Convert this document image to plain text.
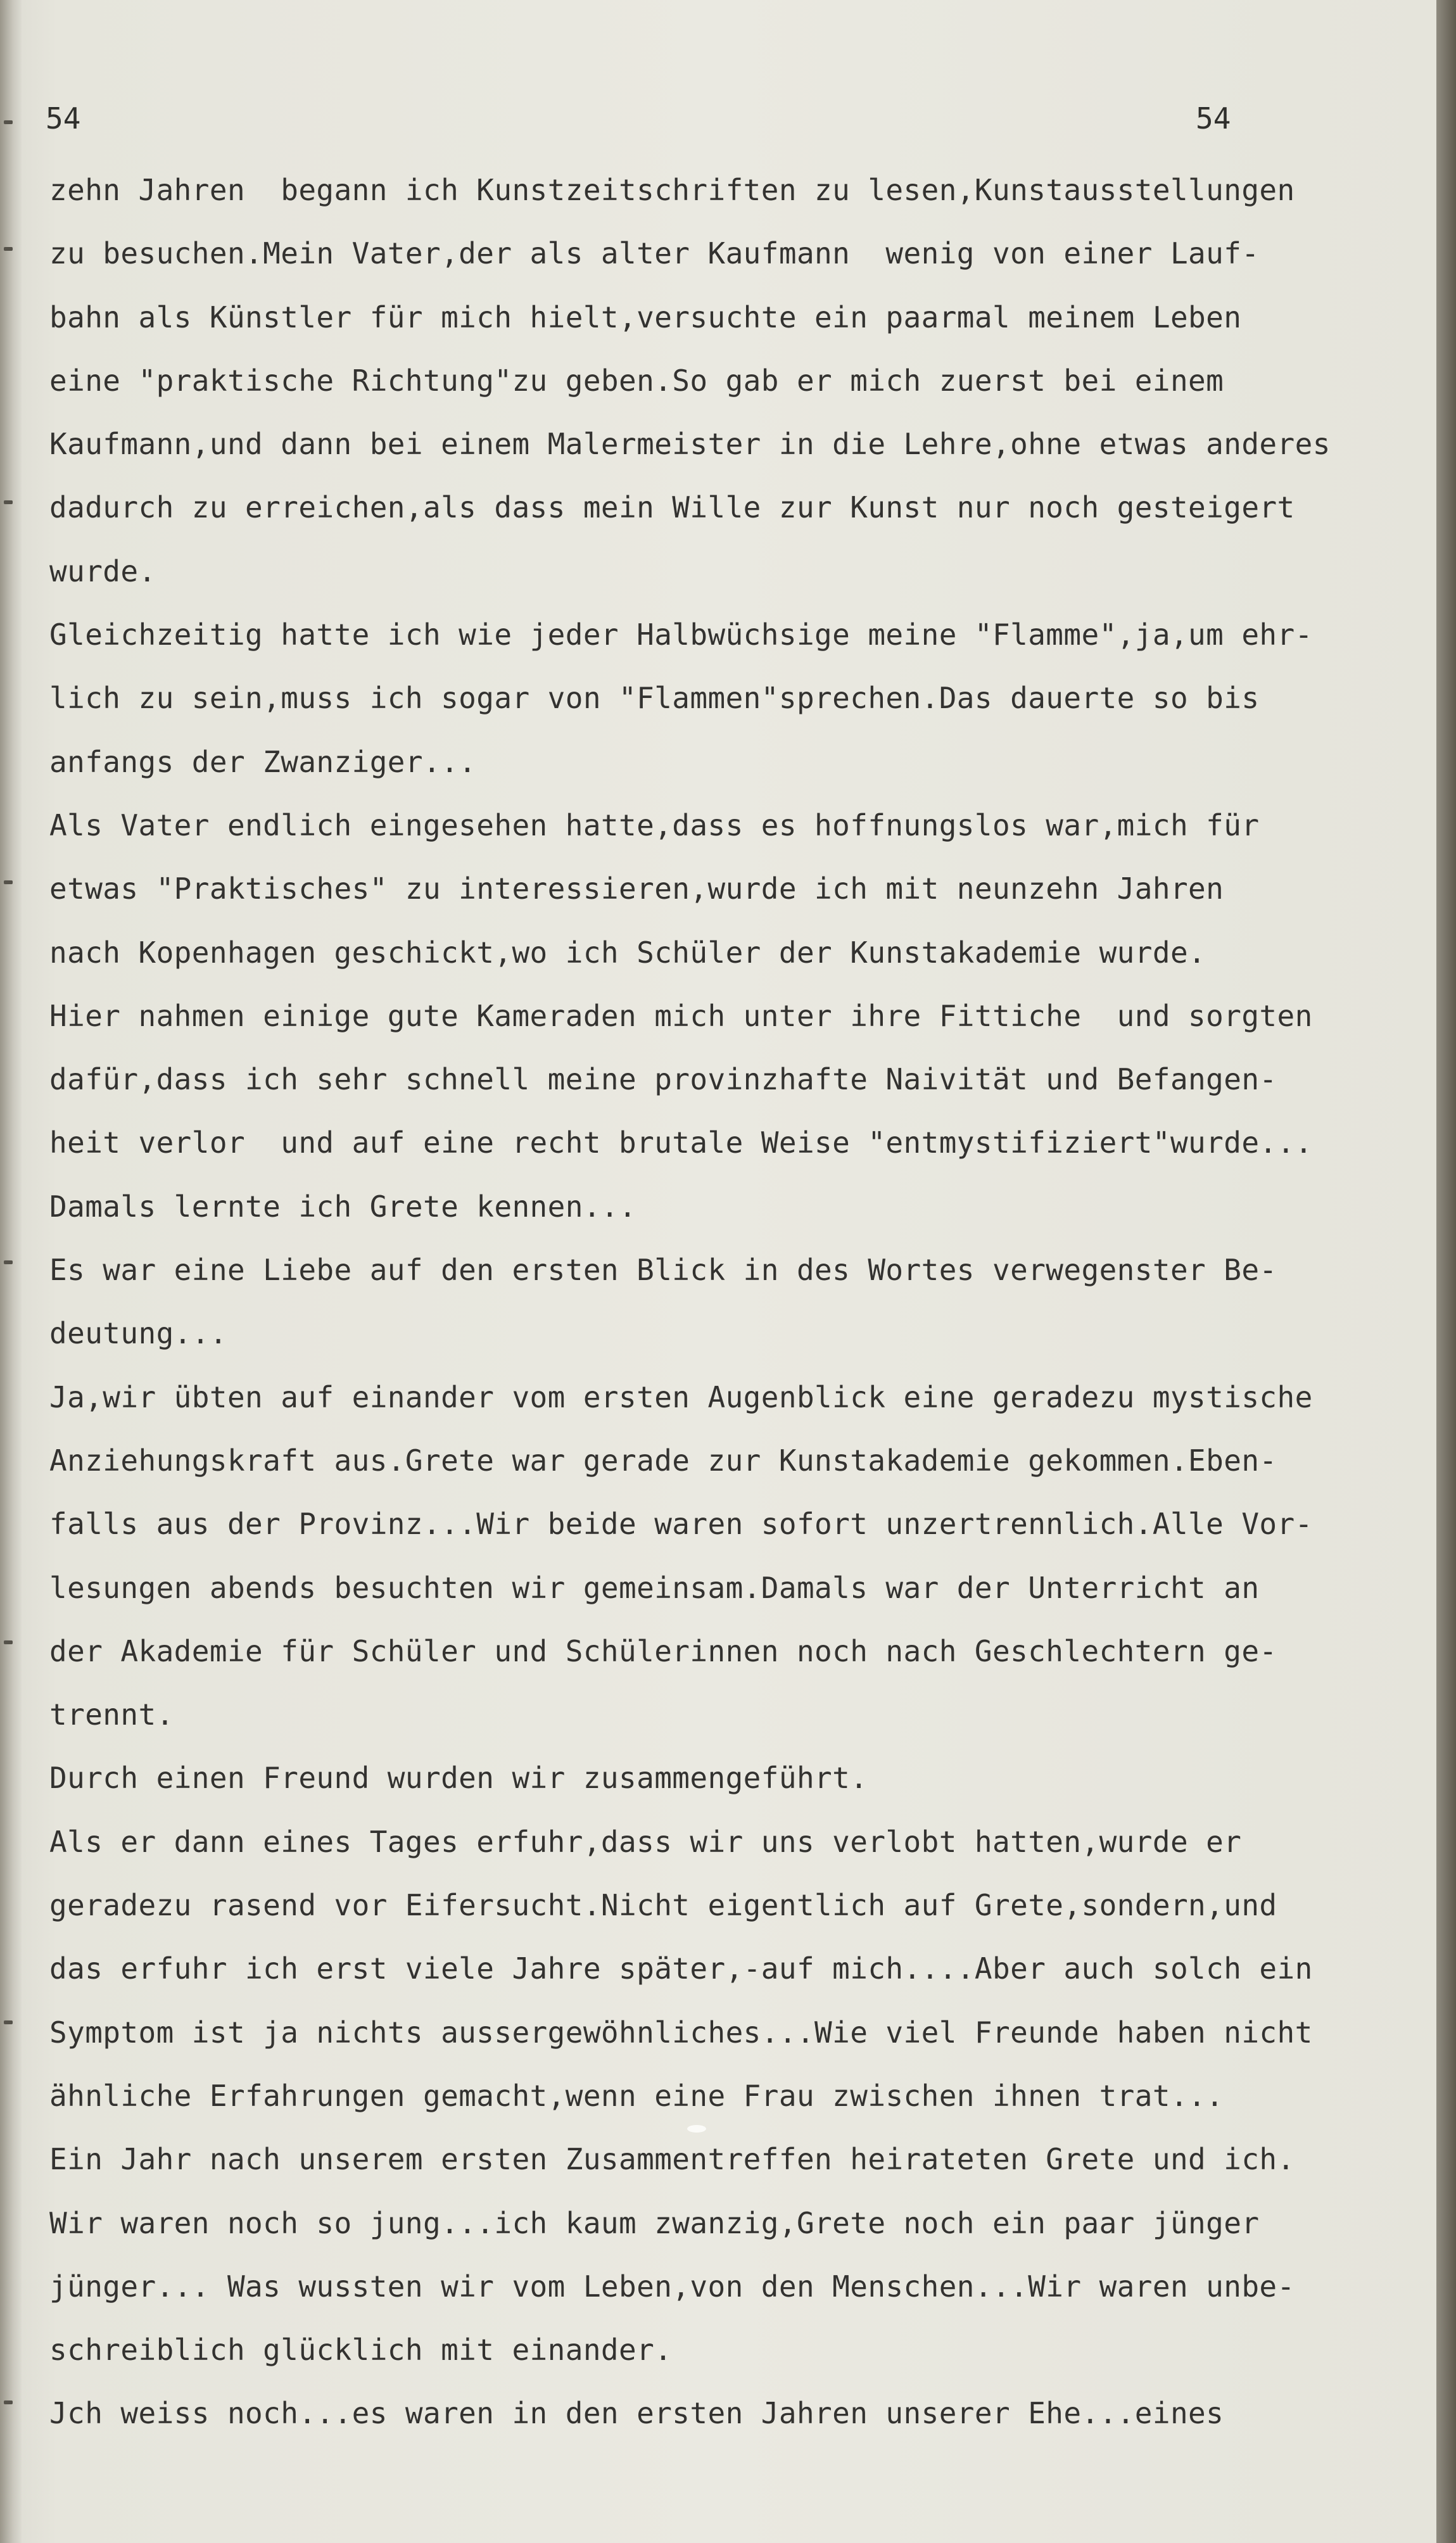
54	54

zehn Jahren  begann ich Kunstzeitschriften zu lesen,Kunstausstellungen
zu besuchen.Mein Vater,der als alter Kaufmann  wenig von einer Lauf-
bahn als Künstler für mich hielt,versuchte ein paarmal meinem Leben
eine "praktische Richtung"zu geben.So gab er mich zuerst bei einem
Kaufmann,und dann bei einem Malermeister in die Lehre,ohne etwas anderes
dadurch zu erreichen,als dass mein Wille zur Kunst nur noch gesteigert
wurde.
Gleichzeitig hatte ich wie jeder Halbwüchsige meine "Flamme",ja,um ehr-
lich zu sein,muss ich sogar von "Flammen"sprechen.Das dauerte so bis
anfangs der Zwanziger...
Als Vater endlich eingesehen hatte,dass es hoffnungslos war,mich für
etwas "Praktisches" zu interessieren,wurde ich mit neunzehn Jahren
nach Kopenhagen geschickt,wo ich Schüler der Kunstakademie wurde.
Hier nahmen einige gute Kameraden mich unter ihre Fittiche  und sorgten
dafür,dass ich sehr schnell meine provinzhafte Naivität und Befangen-
heit verlor  und auf eine recht brutale Weise "entmystifiziert"wurde...
Damals lernte ich Grete kennen...
Es war eine Liebe auf den ersten Blick in des Wortes verwegenster Be-
deutung...
Ja,wir übten auf einander vom ersten Augenblick eine geradezu mystische
Anziehungskraft aus.Grete war gerade zur Kunstakademie gekommen.Eben-
falls aus der Provinz...Wir beide waren sofort unzertrennlich.Alle Vor-
lesungen abends besuchten wir gemeinsam.Damals war der Unterricht an
der Akademie für Schüler und Schülerinnen noch nach Geschlechtern ge-
trennt.
Durch einen Freund wurden wir zusammengeführt.
Als er dann eines Tages erfuhr,dass wir uns verlobt hatten,wurde er
geradezu rasend vor Eifersucht.Nicht eigentlich auf Grete,sondern,und
das erfuhr ich erst viele Jahre später,-auf mich....Aber auch solch ein
Symptom ist ja nichts aussergewöhnliches...Wie viel Freunde haben nicht
ähnliche Erfahrungen gemacht,wenn eine Frau zwischen ihnen trat...
Ein Jahr nach unserem ersten Zusammentreffen heirateten Grete und ich.
Wir waren noch so jung...ich kaum zwanzig,Grete noch ein paar jünger
jünger... Was wussten wir vom Leben,von den Menschen...Wir waren unbe-
schreiblich glücklich mit einander.
Jch weiss noch...es waren in den ersten Jahren unserer Ehe...eines
